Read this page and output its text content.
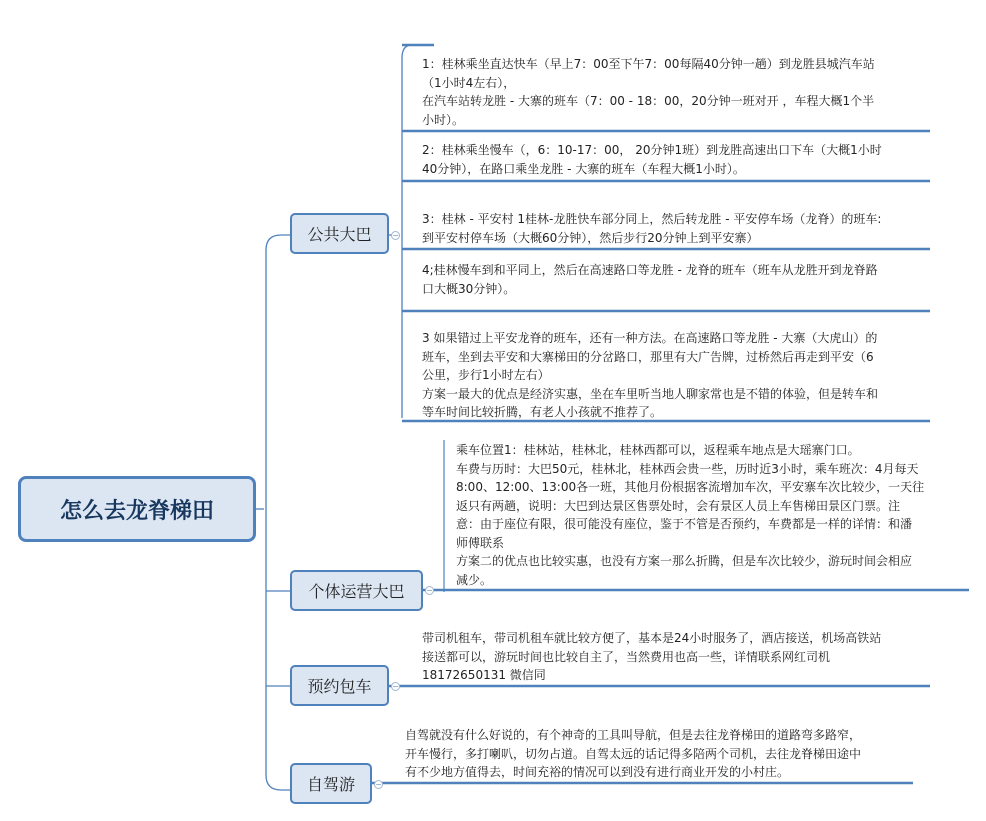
怎么去龙脊梯田
公共大巴	−
个体运营大巴	−
预约包车	−
自驾游	−
1：桂林乘坐直达快车（早上7：00至下午7：00每隔40分钟一趟）到龙胜县城汽车站
（1小时4左右），
在汽车站转龙胜 - 大寨的班车（7：00 - 18：00，20分钟一班对开 ，车程大概1个半
小时）。
2：桂林乘坐慢车（，6：10-17：00， 20分钟1班）到龙胜高速出口下车（大概1小时
40分钟），在路口乘坐龙胜 - 大寨的班车（车程大概1小时）。
3：桂林 - 平安村 1桂林-龙胜快车部分同上，然后转龙胜 - 平安停车场（龙脊）的班车:
到平安村停车场（大概60分钟），然后步行20分钟上到平安寨）
4;桂林慢车到和平同上，然后在高速路口等龙胜 - 龙脊的班车（班车从龙胜开到龙脊路
口大概30分钟）。
3 如果错过上平安龙脊的班车，还有一种方法。在高速路口等龙胜 - 大寨（大虎山）的
班车，坐到去平安和大寨梯田的分岔路口，那里有大广告牌，过桥然后再走到平安（6
公里，步行1小时左右）
方案一最大的优点是经济实惠，坐在车里听当地人聊家常也是不错的体验，但是转车和
等车时间比较折腾，有老人小孩就不推荐了。
乘车位置1：桂林站，桂林北，桂林西都可以，返程乘车地点是大瑶寨门口。
车费与历时：大巴50元，桂林北，桂林西会贵一些，历时近3小时，乘车班次：4月每天
8:00、12:00、13:00各一班，其他月份根据客流增加车次，平安寨车次比较少，一天往
返只有两趟，说明：大巴到达景区售票处时，会有景区人员上车售梯田景区门票。注
意：由于座位有限，很可能没有座位，鉴于不管是否预约，车费都是一样的详情：和潘
师傅联系
方案二的优点也比较实惠，也没有方案一那么折腾，但是车次比较少，游玩时间会相应
减少。
带司机租车，带司机租车就比较方便了，基本是24小时服务了，酒店接送，机场高铁站
接送都可以，游玩时间也比较自主了，当然费用也高一些，详情联系网红司机
18172650131 微信同
自驾就没有什么好说的，有个神奇的工具叫导航，但是去往龙脊梯田的道路弯多路窄，
开车慢行，多打喇叭，切勿占道。自驾太远的话记得多陪两个司机，去往龙脊梯田途中
有不少地方值得去，时间充裕的情况可以到没有进行商业开发的小村庄。
